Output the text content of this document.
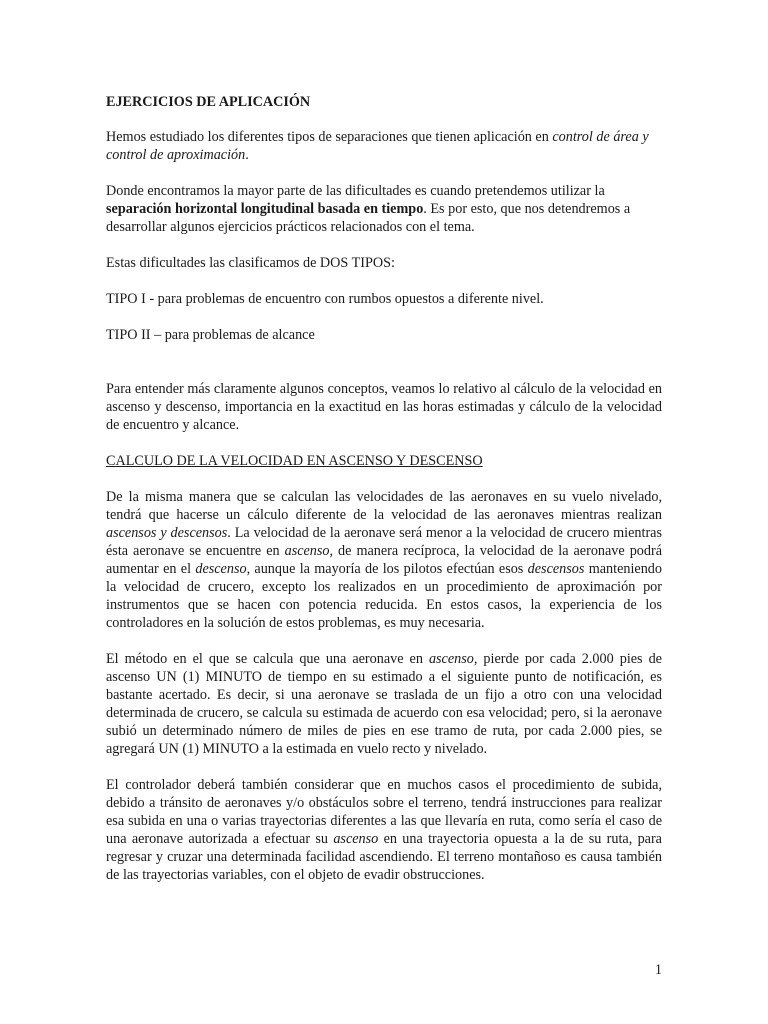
EJERCICIOS DE APLICACIÓN

Hemos estudiado los diferentes tipos de separaciones que tienen aplicación en control de área y control de aproximación.

Donde encontramos la mayor parte de las dificultades es cuando pretendemos utilizar la separación horizontal longitudinal basada en tiempo. Es por esto, que nos detendremos a desarrollar algunos ejercicios prácticos relacionados con el tema.

Estas dificultades las clasificamos de DOS TIPOS:

TIPO I - para problemas de encuentro con rumbos opuestos a diferente nivel.

TIPO II – para problemas de alcance

Para entender más claramente algunos conceptos, veamos lo relativo al cálculo de la velocidad en ascenso y descenso, importancia en la exactitud en las horas estimadas y cálculo de la velocidad de encuentro y alcance.

CALCULO DE LA VELOCIDAD EN ASCENSO Y DESCENSO

De la misma manera que se calculan las velocidades de las aeronaves en su vuelo nivelado, tendrá que hacerse un cálculo diferente de la velocidad de las aeronaves mientras realizan ascensos y descensos. La velocidad de la aeronave será menor a la velocidad de crucero mientras ésta aeronave se encuentre en ascenso, de manera recíproca, la velocidad de la aeronave podrá aumentar en el descenso, aunque la mayoría de los pilotos efectúan esos descensos manteniendo la velocidad de crucero, excepto los realizados en un procedimiento de aproximación por instrumentos que se hacen con potencia reducida. En estos casos, la experiencia de los controladores en la solución de estos problemas, es muy necesaria.

El método en el que se calcula que una aeronave en ascenso, pierde por cada 2.000 pies de ascenso UN (1) MINUTO de tiempo en su estimado a el siguiente punto de notificación, es bastante acertado. Es decir, si una aeronave se traslada de un fijo a otro con una velocidad determinada de crucero, se calcula su estimada de acuerdo con esa velocidad; pero, si la aeronave subió un determinado número de miles de pies en ese tramo de ruta, por cada 2.000 pies, se agregará UN (1) MINUTO a la estimada en vuelo recto y nivelado.

El controlador deberá también considerar que en muchos casos el procedimiento de subida, debido a tránsito de aeronaves y/o obstáculos sobre el terreno, tendrá instrucciones para realizar esa subida en una o varias trayectorias diferentes a las que llevaría en ruta, como sería el caso de una aeronave autorizada a efectuar su ascenso en una trayectoria opuesta a la de su ruta, para regresar y cruzar una determinada facilidad ascendiendo. El terreno montañoso es causa también de las trayectorias variables, con el objeto de evadir obstrucciones.

1
